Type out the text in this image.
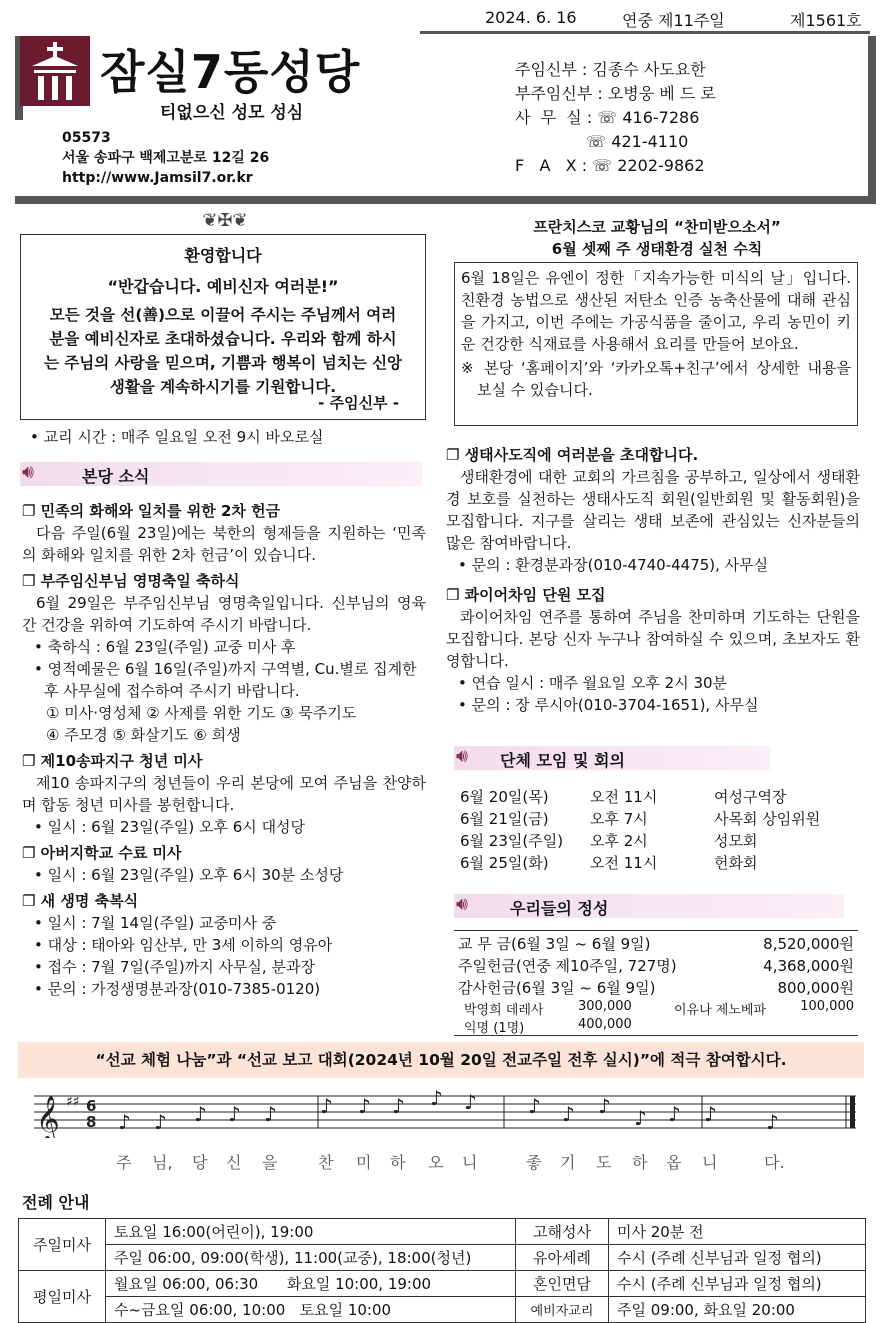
2024. 6. 16	연중 제11주일	제1561호
잠실7동성당
티없으신 성모 성심
05573
서울 송파구 백제고분로 12길 26
http://www.Jamsil7.or.kr
주임신부 : 김종수 사도요한
부주임신부 : 오병웅 베 드 로
사  무  실 : ☏ 416-7286
☏ 421-4110
F   A   X : ☏ 2202-9862
❦✠❦
환영합니다
“반갑습니다. 예비신자 여러분!”

모든 것을 선(善)으로 이끌어 주시는 주님께서 여러분을 예비신자로 초대하셨습니다. 우리와 함께 하시는 주님의 사랑을 믿으며, 기쁨과 행복이 넘치는 신앙생활을 계속하시기를 기원합니다.

- 주임신부 -
• 교리 시간 : 매주 일요일 오전 9시 바오로실
프란치스코 교황님의 “찬미받으소서”
6월 셋째 주 생태환경 실천 수칙

6월 18일은 유엔이 정한「지속가능한 미식의 날」입니다. 친환경 농법으로 생산된 저탄소 인증 농축산물에 대해 관심을 가지고, 이번 주에는 가공식품을 줄이고, 우리 농민이 키운 건강한 식재료를 사용해서 요리를 만들어 보아요.

※ 본당 ‘홈페이지’와 ‘카카오톡+친구’에서 상세한 내용을 보실 수 있습니다.

🔊︎	본당 소식
❐ 민족의 화해와 일치를 위한 2차 헌금

다음 주일(6월 23일)에는 북한의 형제들을 지원하는 ‘민족의 화해와 일치를 위한 2차 헌금’이 있습니다.

❐ 부주임신부님 영명축일 축하식

6월 29일은 부주임신부님 영명축일입니다. 신부님의 영육간 건강을 위하여 기도하여 주시기 바랍니다.

• 축하식 : 6월 23일(주일) 교중 미사 후

• 영적예물은 6월 16일(주일)까지 구역별, Cu.별로 집계한 후 사무실에 접수하여 주시기 바랍니다.

① 미사·영성체 ② 사제를 위한 기도 ③ 묵주기도

④ 주모경 ⑤ 화살기도 ⑥ 희생

❐ 제10송파지구 청년 미사

제10 송파지구의 청년들이 우리 본당에 모여 주님을 찬양하며 합동 청년 미사를 봉헌합니다.

• 일시 : 6월 23일(주일) 오후 6시 대성당

❐ 아버지학교 수료 미사

• 일시 : 6월 23일(주일) 오후 6시 30분 소성당

❐ 새 생명 축복식

• 일시 : 7월 14일(주일) 교중미사 중

• 대상 : 태아와 임산부, 만 3세 이하의 영유아

• 접수 : 7월 7일(주일)까지 사무실, 분과장

• 문의 : 가정생명분과장(010-7385-0120)

❐ 생태사도직에 여러분을 초대합니다.

생태환경에 대한 교회의 가르침을 공부하고, 일상에서 생태환경 보호를 실천하는 생태사도직 회원(일반회원 및 활동회원)을 모집합니다. 지구를 살리는 생태 보존에 관심있는 신자분들의 많은 참여바랍니다.

• 문의 : 환경분과장(010-4740-4475), 사무실

❐ 콰이어차임 단원 모집

콰이어차임 연주를 통하여 주님을 찬미하며 기도하는 단원을 모집합니다. 본당 신자 누구나 참여하실 수 있으며, 초보자도 환영합니다.

• 연습 일시 : 매주 월요일 오후 2시 30분

• 문의 : 장 루시아(010-3704-1651), 사무실

🔊︎ 단체 모임 및 회의
6월 20일(목)	오전 11시	여성구역장
6월 21일(금)	오후 7시	사목회 상임위원
6월 23일(주일) 오후 2시	성모회
6월 25일(화)	오전 11시	헌화회
🔊︎	우리들의 정성
교 무 금(6월 3일 ~ 6월 9일)	8,520,000원
주일헌금(연중 제10주일, 727명)	4,368,000원
감사헌금(6월 3일 ~ 6월 9일)	800,000원
박영희 데레사	300,000	이유나 제노베파	100,000
익명 (1명)	400,000
“선교 체험 나눔”과 “선교 보고 대회(2024년 10월 20일 전교주일 전후 실시)”에 적극 참여합시다.
𝄞 ♯♯ 6
8 ♪ ♪ ♪ ♪ ♪ ♪ ♪ ♪ ♪ ♪	♪ ♪ ♪ ♪ ♪ ♪ ♪
주 님, 당 신 을	찬 미 하 오 니	좋 기 도 하 옵 니	다.
전례 안내
주일미사	토요일 16:00(어린이), 19:00	고해성사	미사 20분 전
	주일 06:00, 09:00(학생), 11:00(교중), 18:00(청년)	유아세례	수시 (주례 신부님과 일정 협의)
평일미사	월요일 06:00, 06:30      화요일 10:00, 19:00	혼인면담	수시 (주례 신부님과 일정 협의)
	수~금요일 06:00, 10:00   토요일 10:00	예비자교리	주일 09:00, 화요일 20:00
